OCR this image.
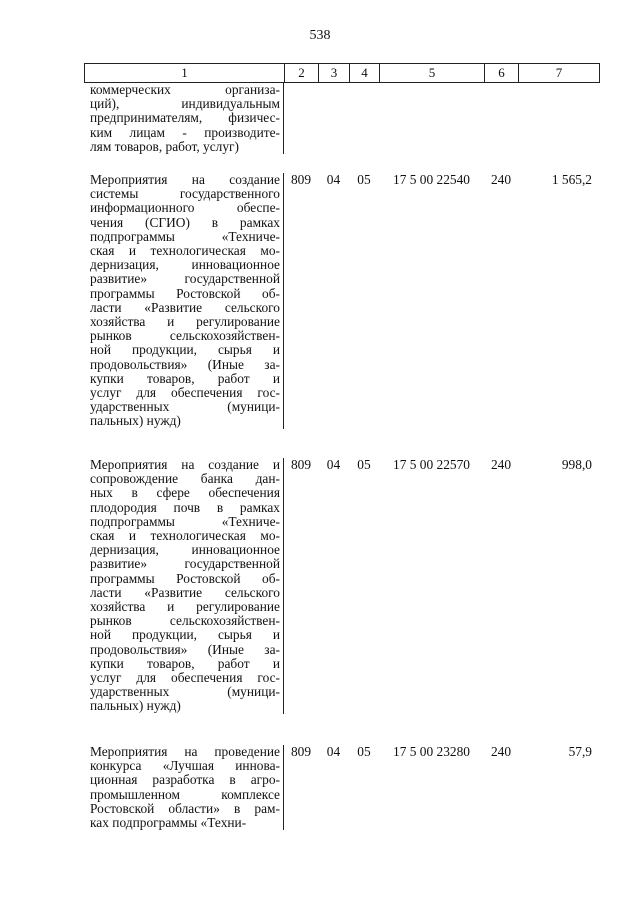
538
1	2	3	4	5	6	7
коммерческих организа-
ций), индивидуальным
предпринимателям, физичес-
ким лицам - производите-
лям товаров, работ, услуг)
Мероприятия на создание
системы государственного
информационного обеспе-
чения (СГИО) в рамках
подпрограммы «Техниче-
ская и технологическая мо-
дернизация, инновационное
развитие» государственной
программы Ростовской об-
ласти «Развитие сельского
хозяйства и регулирование
рынков сельскохозяйствен-
ной продукции, сырья и
продовольствия» (Иные за-
купки товаров, работ и
услуг для обеспечения гос-
ударственных (муници-
пальных) нужд)
809	04	05	17 5 00 22540	240	1 565,2
Мероприятия на создание и
сопровождение банка дан-
ных в сфере обеспечения
плодородия почв в рамках
подпрограммы «Техниче-
ская и технологическая мо-
дернизация, инновационное
развитие» государственной
программы Ростовской об-
ласти «Развитие сельского
хозяйства и регулирование
рынков сельскохозяйствен-
ной продукции, сырья и
продовольствия» (Иные за-
купки товаров, работ и
услуг для обеспечения гос-
ударственных (муници-
пальных) нужд)
809	04	05	17 5 00 22570	240	998,0
Мероприятия на проведение
конкурса «Лучшая иннова-
ционная разработка в агро-
промышленном комплексе
Ростовской области» в рам-
ках подпрограммы «Техни-
809	04	05	17 5 00 23280	240	57,9
